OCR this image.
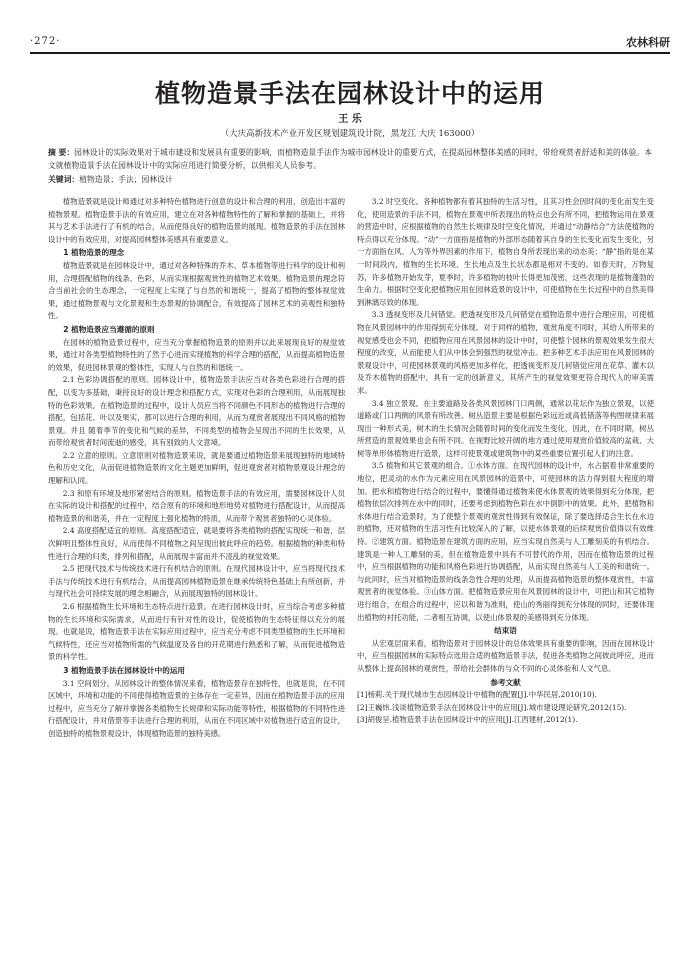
·272·	农林科研
植物造景手法在园林设计中的运用
王 乐
（大庆高新技术产业开发区规划建筑设计院，黑龙江 大庆 163000）
摘 要：园林设计的实际效果对于城市建设和发展具有重要的影响，而植物造景手法作为城市园林设计的重要方式，在提高园林整体美感的同时，带给观赏者舒适和美的体验。本文就植物造景手法在园林设计中的实际应用进行简要分析，以供相关人员参考。
关键词：植物造景；手法；园林设计

植物造景就是设计师通过对多种特色植物进行创意的设计和合理的利用，创造出丰富的植物景观。植物造景手法的有效应用，建立在对各种植物特性的了解和掌握的基础上，并将其与艺术手法进行了有机的结合，从而使得良好的植物造景的展现。植物造景的手法在园林设计中的有效应用，对提高园林整体美感具有重要意义。

1 植物造景的理念

植物造景就是在园林设计中，通过对各种特殊的乔木、草本植物等进行科学的设计和利用，合理搭配植物的线条、色彩，从而实现根据观赏性的植物艺术效果。植物造景的理念符合当前社会的生态理念，一定程度上实现了与自然的和谐统一，提高了植物的整体视觉效果，通过植物景观与文化景观和生态景观的协调配合，有效提高了园林艺术的美观性和独特性。

2 植物造景应当遵循的原则

在园林的植物造景过程中，应当充分掌握植物造景的原则并以此来展现良好的视觉效果，通过对各类型植物特性的了然于心进而实现植物的科学合理的搭配，从而提高植物造景的效果，促进园林景观的整体性，实现人与自然的和谐统一。

2.1 色彩协调搭配的原则。园林设计中，植物造景手法应当对各类色彩进行合理的搭配，以变为多基础，秉持良好的设计理念和搭配方式，实现对色彩的合理利用，从而展现独特的色彩效果。在植物造景的过程中，设计人员应当将不同颜色不同形态的植物进行合理的搭配，包括花、叶以及果实，都可以进行合理的利用，从而为观赏者展现出不同风格的植物景观。并且 随着季节的变化和气候的差异，不同类型的植物会呈现出不同的生长效果，从而带给观赏者时间流逝的感受，具有别致的人文意境。

2.2 立意的原则。立意原则对植物造景来说，就是要通过植物造景来展现独特的地域特色和历史文化，从而促进植物造景的文化主题更加鲜明，促进观赏者对植物景观设计理念的理解和认同。

2.3 和原有环境及地形紧密结合的原则。植物造景手法的有效应用，需要园林设计人员在实际的设计和搭配的过程中，结合原有的环境和地形地势对植物进行搭配设计，从而提高植物造景的和谐美，并在一定程度上强化植物的特质，从而带个观赏者独特的心灵体验。

2.4 高度搭配适宜的原则。高度搭配适宜，就是要将各类植物的搭配实现统一和谐，层次鲜明且整体性良好，从而使得不同植物之间呈现出彼此呼应的趋势。根据植物的种类和特性进行合理的归类，排列和搭配，从而展现丰富而并不凌乱的视觉效果。

2.5 把现代技术与传统技术进行有机结合的原则。在现代园林设计中，应当将现代技术手法与传统技术进行有机结合，从而提高园林植物造景在继承传统特色基础上有所创新，并与现代社会可持续发展的理念相融合，从而展现独特的园林设计。

2.6 根据植物生长环境和生态特点进行造景。在进行园林设计时，应当综合考虑多种植物的生长环境和实际需求，从而进行有针对性的设计，促使植物的生态特征得以充分的展现。也就是说，植物造景手法在实际应用过程中，应当充分考虑不同类型植物的生长环境和气候特性，还应当对植物所需的气候温度及各自的开花期进行熟悉和了解，从而促进植物造景的科学性。

3 植物造景手法在园林设计中的运用

3.1 空间划分。从园林设计的整体情况来看，植物造景存在独特性，也就是说，在不同区域中，环境和功能的不同使得植物造景的主体存在一定差异，因而在植物造景手法的应用过程中，应当充分了解并掌握各类植物生长规律和实际功能等特性，根据植物的不同特性进行搭配设计，并对借景等手法进行合理的利用，从而在不同区域中对植物进行适宜的设计，创造独特的植物景观设计，体现植物造景的独特美感。

3.2 时空变化。各种植物都有着其独特的生活习性，且其习性会因时间的变化而发生变化，使用造景的手法不同，植物在景观中所表现出的特点也会有所不同，把植物运用在景观的营造中时，应根据植物的自然生长规律及时空变化情况，并通过“动静结合”方法使植物的特点得以充分体现。“动”一方面指是植物的外部形态随着其自身的生长变化而发生变化，另一方面指在风、人为等外界因素的作用下，植物自身所表现出来的动态美；“静”指的是在某一时间段内，植物的生长环境、生长地点及生长状态都是相对不变的。如春天时，万物复苏，许多植物开始发芽，夏季时，许多植物的枝叶长得更加茂密，这些表现的是植物蓬勃的生命力。根据时空变化把植物应用在园林造景的设计中，可使植物在生长过程中的自然美得到淋漓尽致的体现。

3.3 透视变形及几何错觉。把透视变形及几何错觉在植物造景中进行合理应用，可使植物在风景园林中的作用得到充分体现。对于同样的植物，观赏角度不同时，其给人所带来的视觉感受也会不同，把植物应用在风景园林的设计中时，可使整个园林的景观效果发生很大程度的改变，从而能使人们从中体会到强烈的视觉冲击。把多种艺术手法应用在风景园林的景观设计中，可使园林景观的风格更加多样化，把透视变形及几何错觉应用在花草、灌木以及乔木植物的搭配中，具有一定的创新意义，其所产生的视觉效果更符合现代人的审美需求。

3.4 独立景观。在主要道路及各类风景园林门口两侧，通常以花坛作为独立景观，以使道路或门口两侧的风景有所改善。树丛造景主要是根据色彩远近或高低错落等构图规律来展现出一种形式美，树木的生长情况会随着时间的变化而发生变化，因此，在不同时期，树丛所营造的景观效果也会有所不同。在视野比较开阔的地方通过使用观赏价值较高的盆栽、大树等单形体植物进行造景，这样可使景观或建筑物中的某些重要位置引起人们的注意。

3.5 植物和其它景观的组合。①水体方面。在现代园林的设计中，水占据着非常重要的地位，把灵动的水作为元素应用在风景园林的造景中，可使园林的活力得到很大程度的增加。把水和植物进行结合的过程中，要懂得通过植物来使水体景观的效果得到充分体现，把植物依层次排列在水中的同时，还要考虑到植物色彩在水中倒影中的效果。此外，把植物和水体进行结合造景时，为了使整个景观的观赏性得到有效保证，除了要选择适合生长在水边的植物，还对植物的生活习性有比较深入的了解，以使水体景观的后续观赏价值得以有效维持。②建筑方面。植物造景在建筑方面的应用，应当实现自然美与人工雕刻美的有机结合。建筑是一种人工雕刻的美，但在植物造景中具有不可替代的作用，因而在植物造景的过程中，应当根据植物的功能和风格色彩进行协调搭配，从而实现自然美与人工美的和谐统一。与此同时，应当对植物造景的线条急性合理的处理，从而提高植物造景的整体观赏性，丰富观赏者的视觉体验。③山体方面。把植物造景应用在风景园林的设计中，可把山和其它植物进行组合，在组合的过程中，应以和谐为准则，使山的秀丽得到充分体现的同时，还要体现出植物的衬托功能，二者相互协调，以使山体景观的美感得到充分体现。

结束语

从宏观层面来看，植物造景对于园林设计的总体效果具有重要的影响，因而在园林设计中，应当根据园林的实际特点选用合适的植物造景手法，促进各类植物之间彼此呼应，进而从整体上提高园林的观赏性，带给社会群体的与众不同的心灵体验和人文气息。

参考文献

[1]杨莉.关于现代城市生态园林设计中植物的配置[J].中华民居,2010(10).

[2]王巍炜.浅谈植物造景手法在园林设计中的应用[J].城市建设理论研究,2012(15).

[3]胡俊呈.植物造景手法在园林设计中的应用[J].江西建材,2012(1).
